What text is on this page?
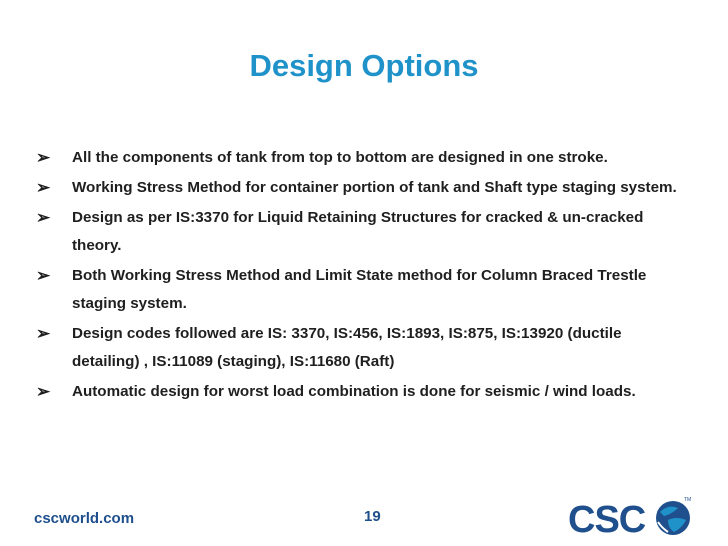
Design Options
➢ All the components of tank from top to bottom are designed in one stroke.
➢ Working Stress Method for container portion of tank and Shaft type staging system.
➢ Design as per IS:3370 for Liquid Retaining Structures for cracked & un-cracked theory.
➢ Both Working Stress Method and Limit State method for Column Braced Trestle staging system.
➢ Design codes followed are IS: 3370, IS:456, IS:1893, IS:875, IS:13920 (ductile detailing) , IS:11089 (staging), IS:11680 (Raft)
➢ Automatic design for worst load combination is done for seismic / wind loads.
cscworld.com	19	CSC	TM
